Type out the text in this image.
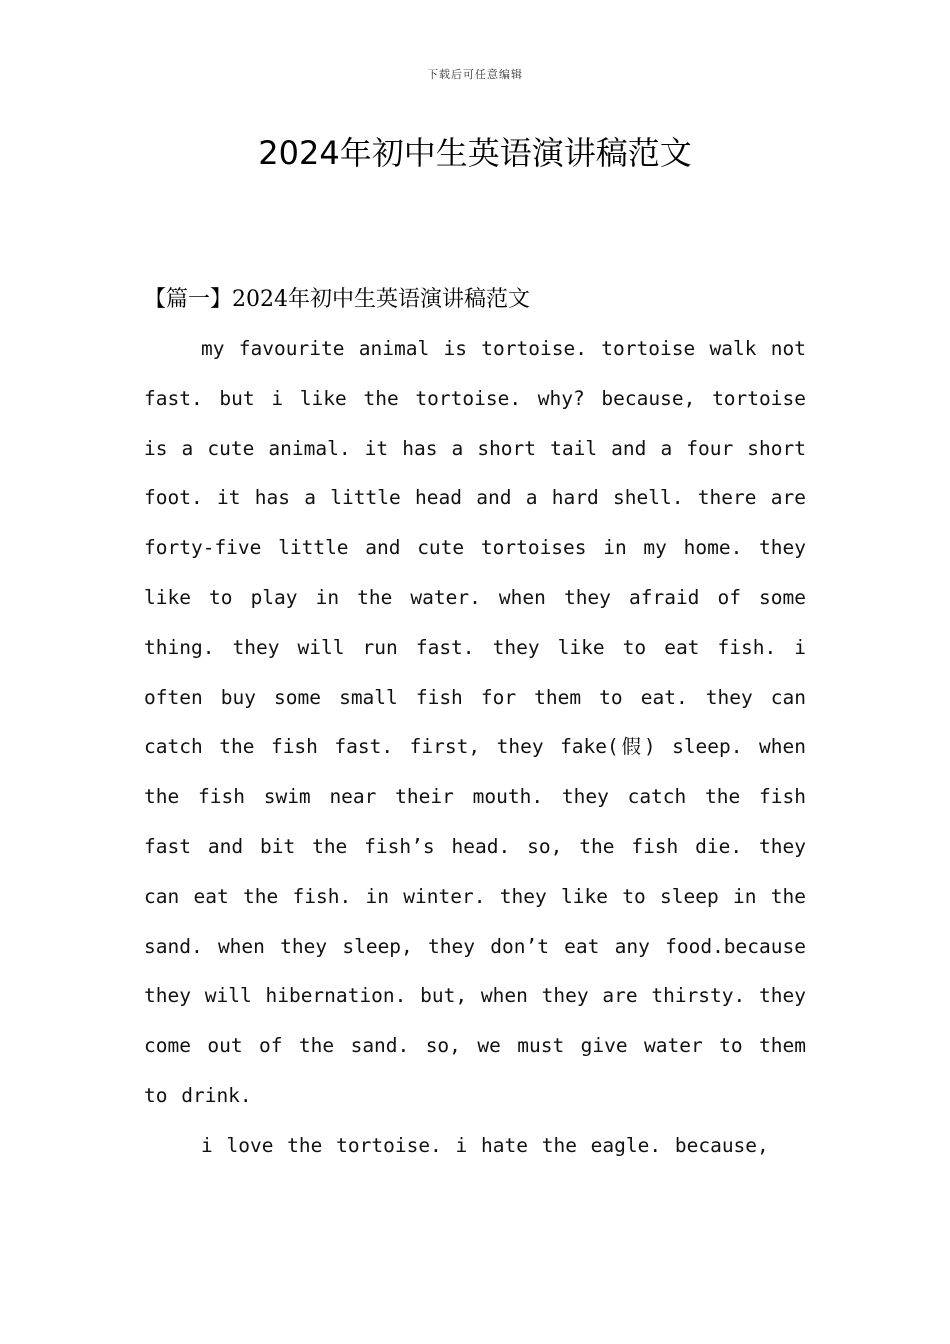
下载后可任意编辑
2024年初中生英语演讲稿范文
【篇一】2024年初中生英语演讲稿范文

my favourite animal is tortoise. tortoise walk not fast. but i like the tortoise. why? because, tortoise is a cute animal. it has a short tail and a four short foot. it has a little head and a hard shell. there are forty-five little and cute tortoises in my home. they like to play in the water. when they afraid of some thing. they will run fast. they like to eat fish. i often buy some small fish for them to eat. they can catch the fish fast. first, they fake(假) sleep. when the fish swim near their mouth. they catch the fish fast and bit the fish’s head. so, the fish die. they can eat the fish. in winter. they like to sleep in the sand. when they sleep, they don’t eat any food.because they will hibernation. but, when they are thirsty. they come out of the sand. so, we must give water to them to drink.

i love the tortoise. i hate the eagle. because,
